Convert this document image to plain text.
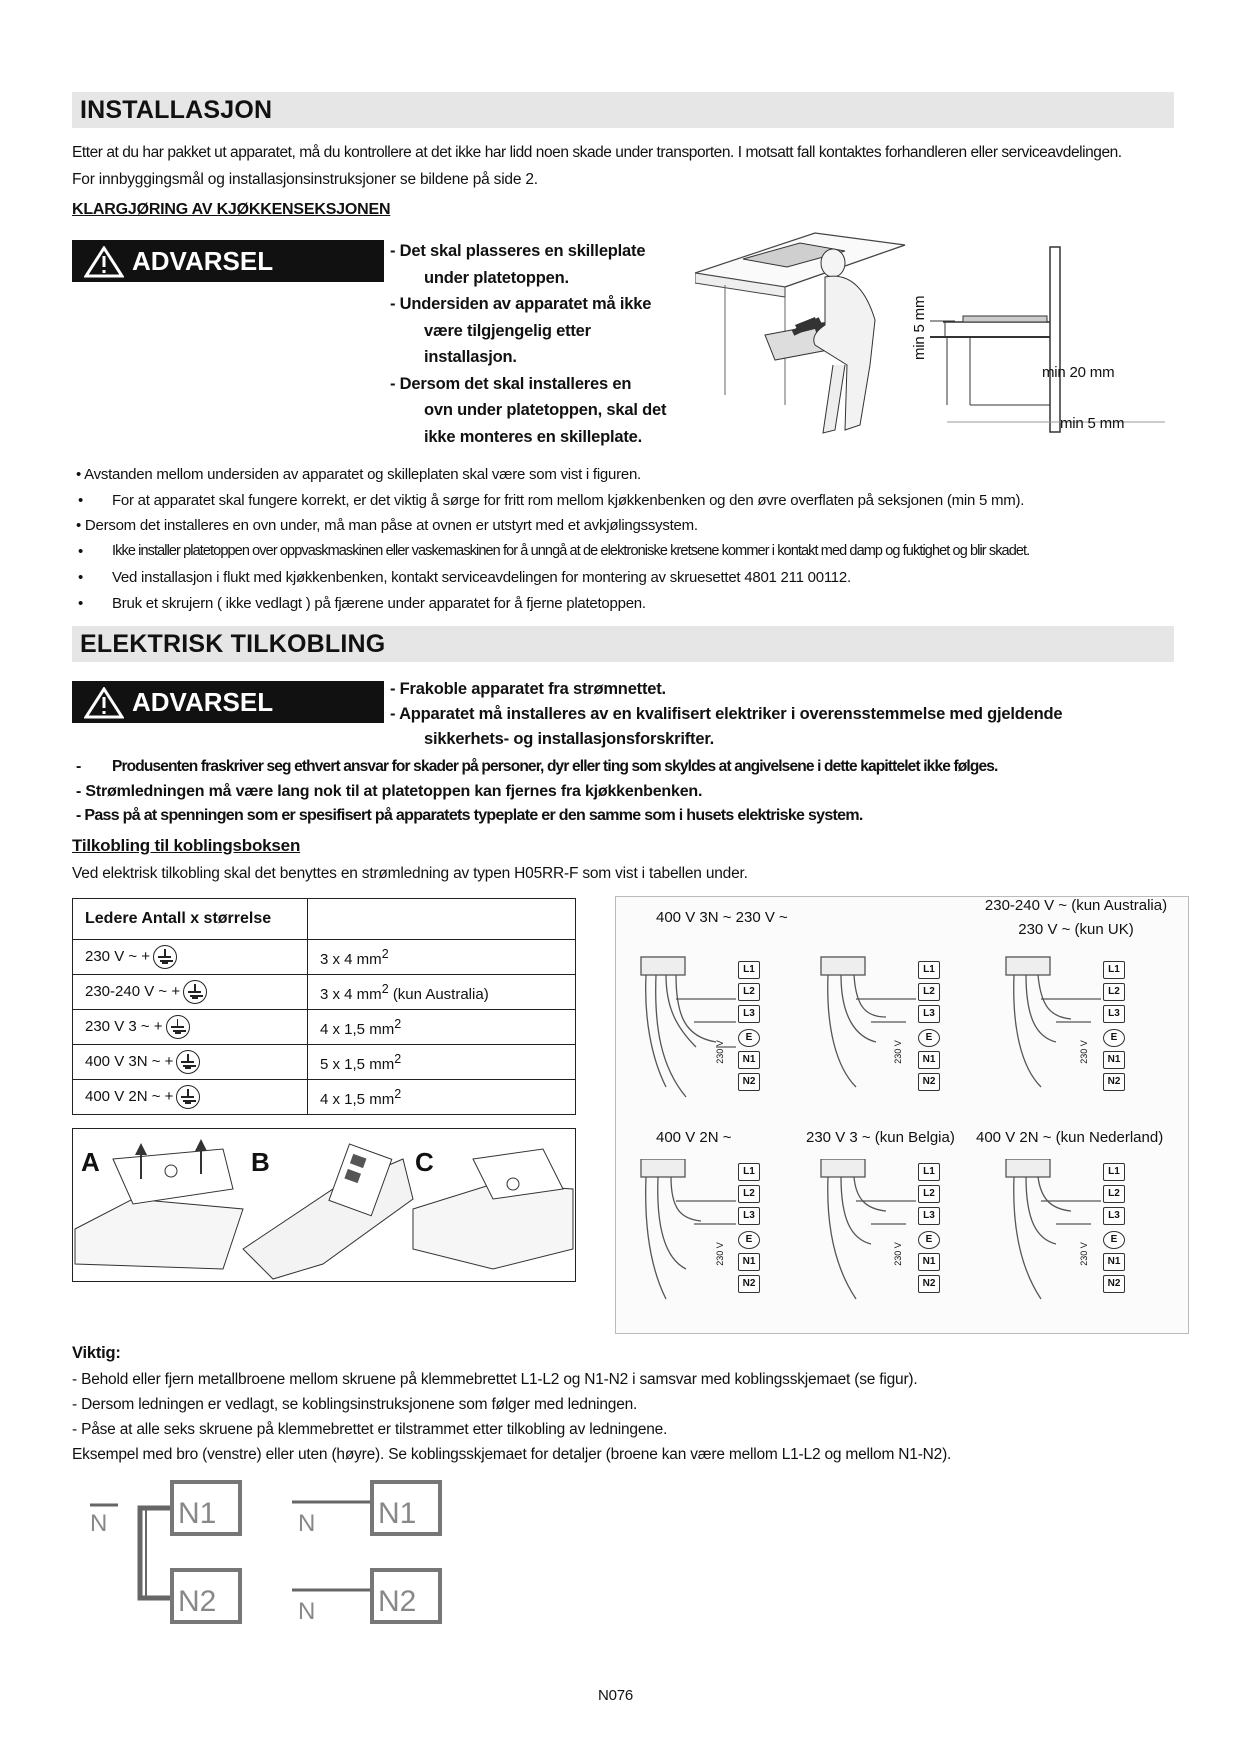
INSTALLASJON
Etter at du har pakket ut apparatet, må du kontrollere at det ikke har lidd noen skade under transporten. I motsatt fall kontaktes forhandleren eller serviceavdelingen.
For innbyggingsmål og installasjonsinstruksjoner se bildene på side 2.
KLARGJØRING AV KJØKKENSEKSJONEN
ADVARSEL	- Det skal plasseres en skilleplate
under platetoppen.
- Undersiden av apparatet må ikke
være tilgjengelig etter
installasjon.
- Dersom det skal installeres en
ovn under platetoppen, skal det
ikke monteres en skilleplate.
min 5 mm
min 20 mm
min 5 mm
• Avstanden mellom undersiden av apparatet og skilleplaten skal være som vist i figuren.
• For at apparatet skal fungere korrekt, er det viktig å sørge for fritt rom mellom kjøkkenbenken og den øvre overflaten på seksjonen (min 5 mm).
• Dersom det installeres en ovn under, må man påse at ovnen er utstyrt med et avkjølingssystem.
• Ikke installer platetoppen over oppvaskmaskinen eller vaskemaskinen for å unngå at de elektroniske kretsene kommer i kontakt med damp og fuktighet og blir skadet.
• Ved installasjon i flukt med kjøkkenbenken, kontakt serviceavdelingen for montering av skruesettet 4801 211 00112.
• Bruk et skrujern ( ikke vedlagt ) på fjærene under apparatet for å fjerne platetoppen.
ELEKTRISK TILKOBLING
ADVARSEL	- Frakoble apparatet fra strømnettet.
- Apparatet må installeres av en kvalifisert elektriker i overensstemmelse med gjeldende
sikkerhets- og installasjonsforskrifter.
- Produsenten fraskriver seg ethvert ansvar for skader på personer, dyr eller ting som skyldes at angivelsene i dette kapittelet ikke følges.
- Strømledningen må være lang nok til at platetoppen kan fjernes fra kjøkkenbenken.
- Pass på at spenningen som er spesifisert på apparatets typeplate er den samme som i husets elektriske system.
Tilkobling til koblingsboksen
Ved elektrisk tilkobling skal det benyttes en strømledning av typen H05RR-F som vist i tabellen under.
Ledere Antall x størrelse	
230 V ~ +	3 x 4 $mm^2$
230-240 V ~ +	3 x 4 $mm^2$ (kun Australia)
230 V 3 ~ +	4 x 1,5 $mm^2$
400 V 3N ~ +	5 x 1,5 $mm^2$
400 V 2N ~ +	4 x 1,5 $mm^2$
A	B	C
400 V 3N ~ 230 V ~
230-240 V ~ (kun Australia)
230 V ~ (kun UK)
400 V 2N ~	230 V 3 ~ (kun Belgia) 400 V 2N ~ (kun Nederland)
L1
L2
L3
E
N1
N2
L1
L2
L3
E
N1
N2
L1
L2
L3
E
N1
N2
230 V	230 V	230 V
L1
L2
L3
E
N1
N2
L1
L2
L3
E
N1
N2
L1
L2
L3
E
N1
N2
230 V	230 V	230 V
Viktig:
- Behold eller fjern metallbroene mellom skruene på klemmebrettet L1-L2 og N1-N2 i samsvar med koblingsskjemaet (se figur).
- Dersom ledningen er vedlagt, se koblingsinstruksjonene som følger med ledningen.
- Påse at alle seks skruene på klemmebrettet er tilstrammet etter tilkobling av ledningene.
Eksempel med bro (venstre) eller uten (høyre). Se koblingsskjemaet for detaljer (broene kan være mellom L1-L2 og mellom N1-N2).
N N1
N2
N N1
N N2
N076
